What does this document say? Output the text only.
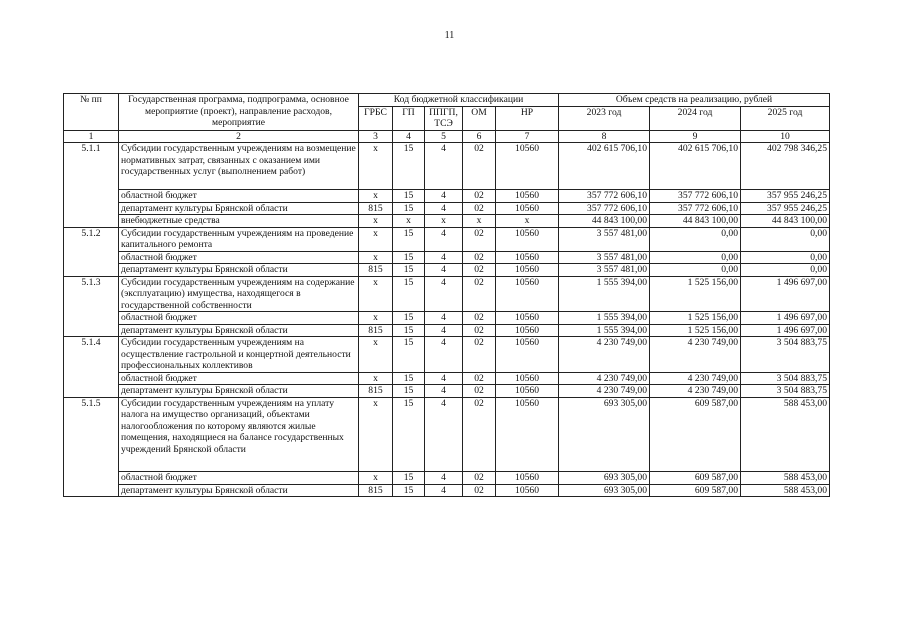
11
№ пп	Государственная программа, подпрограмма, основное мероприятие (проект), направление расходов, мероприятие	Код бюджетной классификации					Объем средств на реализацию, рублей		
		ГРБС	ГП	ППГП, ТСЭ	ОМ	НР	2023 год	2024 год	2025 год
1	2	3	4	5	6	7	8	9	10
5.1.1	Субсидии государственным учреждениям на возмещение нормативных затрат, связанных с оказанием ими государственных услуг (выполнением работ)	х	15	4	02	10560	402 615 706,10	402 615 706,10	402 798 346,25
	областной бюджет	х	15	4	02	10560	357 772 606,10	357 772 606,10	357 955 246,25
	департамент культуры Брянской области	815	15	4	02	10560	357 772 606,10	357 772 606,10	357 955 246,25
	внебюджетные средства	х	х	х	х	х	44 843 100,00	44 843 100,00	44 843 100,00
5.1.2	Субсидии государственным учреждениям на проведение капитального ремонта	х	15	4	02	10560	3 557 481,00	0,00	0,00
	областной бюджет	х	15	4	02	10560	3 557 481,00	0,00	0,00
	департамент культуры Брянской области	815	15	4	02	10560	3 557 481,00	0,00	0,00
5.1.3	Субсидии государственным учреждениям на содержание (эксплуатацию) имущества, находящегося в государственной собственности	х	15	4	02	10560	1 555 394,00	1 525 156,00	1 496 697,00
	областной бюджет	х	15	4	02	10560	1 555 394,00	1 525 156,00	1 496 697,00
	департамент культуры Брянской области	815	15	4	02	10560	1 555 394,00	1 525 156,00	1 496 697,00
5.1.4	Субсидии государственным учреждениям на осуществление гастрольной и концертной деятельности профессиональных коллективов	х	15	4	02	10560	4 230 749,00	4 230 749,00	3 504 883,75
	областной бюджет	х	15	4	02	10560	4 230 749,00	4 230 749,00	3 504 883,75
	департамент культуры Брянской области	815	15	4	02	10560	4 230 749,00	4 230 749,00	3 504 883,75
5.1.5	Субсидии государственным учреждениям на уплату налога на имущество организаций, объектами налогообложения по которому являются жилые помещения, находящиеся на балансе государственных учреждений Брянской области	х	15	4	02	10560	693 305,00	609 587,00	588 453,00
	областной бюджет	х	15	4	02	10560	693 305,00	609 587,00	588 453,00
	департамент культуры Брянской области	815	15	4	02	10560	693 305,00	609 587,00	588 453,00
